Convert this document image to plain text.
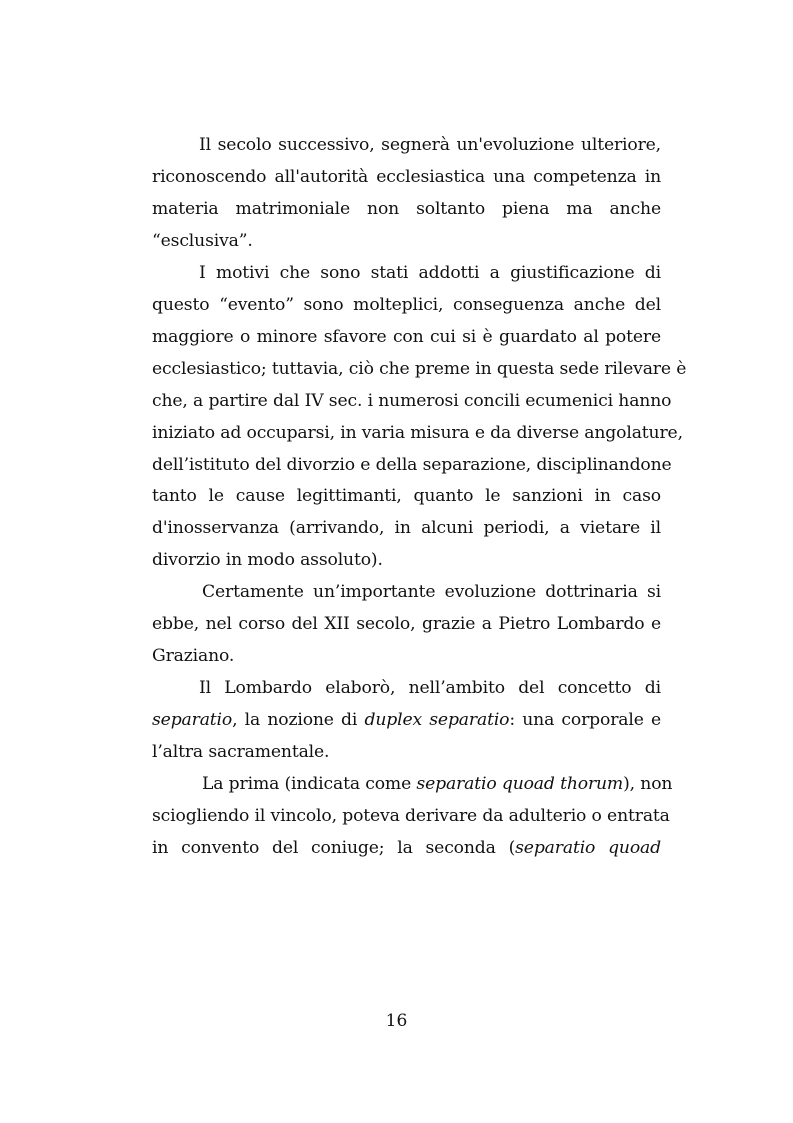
Il secolo successivo, segnerà un'evoluzione ulteriore,
riconoscendo all'autorità ecclesiastica una competenza in
materia matrimoniale non soltanto piena ma anche
“esclusiva”.
I motivi che sono stati addotti a giustificazione di
questo “evento” sono molteplici, conseguenza anche del
maggiore o minore sfavore con cui si è guardato al potere
ecclesiastico; tuttavia, ciò che preme in questa sede rilevare è
che, a partire dal IV sec. i numerosi concili ecumenici hanno
iniziato ad occuparsi, in varia misura e da diverse angolature,
dell’istituto del divorzio e della separazione, disciplinandone
tanto le cause legittimanti, quanto le sanzioni in caso
d'inosservanza (arrivando, in alcuni periodi, a vietare il
divorzio in modo assoluto).
Certamente un’importante evoluzione dottrinaria si
ebbe, nel corso del XII secolo, grazie a Pietro Lombardo e
Graziano.
Il Lombardo elaborò, nell’ambito del concetto di
separatio, la nozione di duplex separatio: una corporale e
l’altra sacramentale.
La prima (indicata come separatio quoad thorum), non
sciogliendo il vincolo, poteva derivare da adulterio o entrata
in convento del coniuge; la seconda (separatio quoad
16
